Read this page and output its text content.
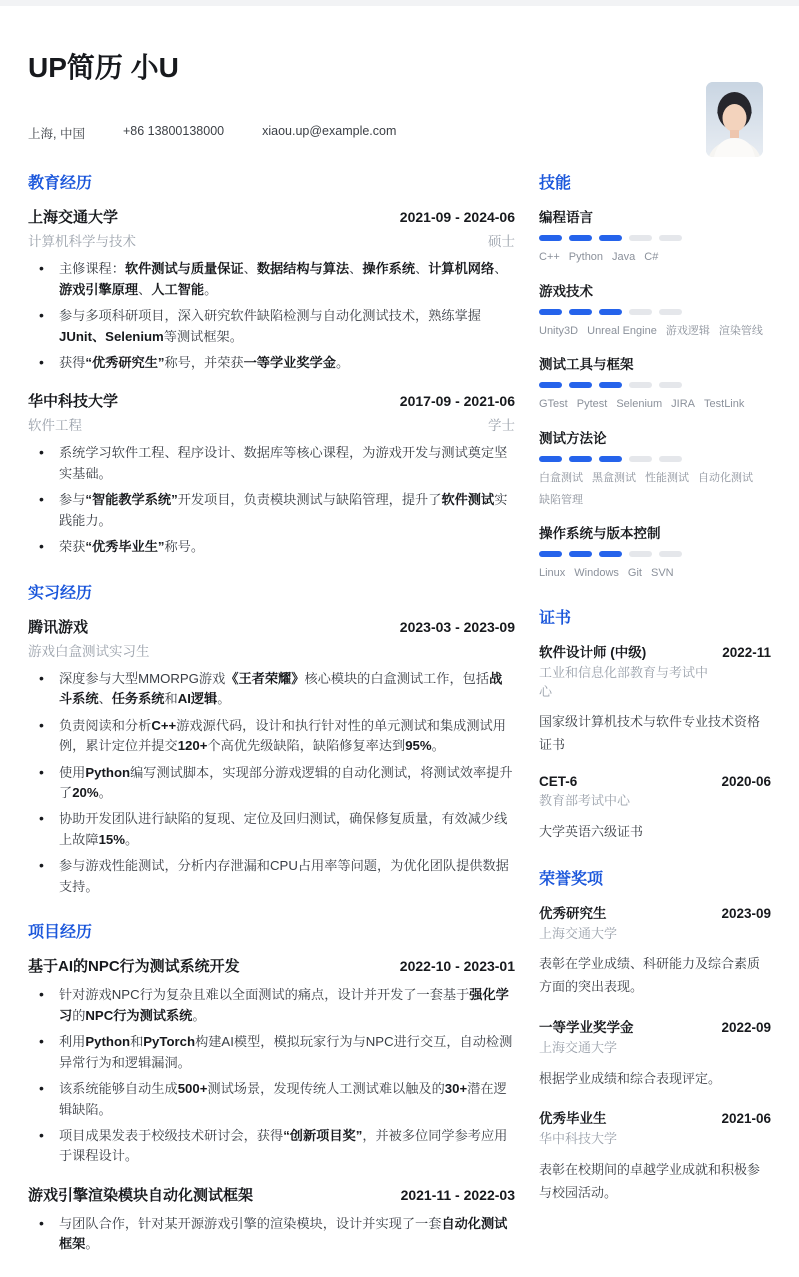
UP简历 小U
上海, 中国	+86 13800138000	xiaou.up@example.com
教育经历
上海交通大学	2021-09 - 2024-06
计算机科学与技术	硕士
• 主修课程：软件测试与质量保证、数据结构与算法、操作系统、计算机网络、游戏引擎原理、人工智能。
• 参与多项科研项目，深入研究软件缺陷检测与自动化测试技术，熟练掌握JUnit、Selenium等测试框架。
• 获得“优秀研究生”称号，并荣获一等学业奖学金。
华中科技大学	2017-09 - 2021-06
软件工程	学士
• 系统学习软件工程、程序设计、数据库等核心课程，为游戏开发与测试奠定坚实基础。
• 参与“智能教学系统”开发项目，负责模块测试与缺陷管理，提升了软件测试实践能力。
• 荣获“优秀毕业生”称号。
实习经历
腾讯游戏	2023-03 - 2023-09
游戏白盒测试实习生
• 深度参与大型MMORPG游戏《王者荣耀》核心模块的白盒测试工作，包括战斗系统、任务系统和AI逻辑。
• 负责阅读和分析C++游戏源代码，设计和执行针对性的单元测试和集成测试用例，累计定位并提交120+个高优先级缺陷，缺陷修复率达到95%。
• 使用Python编写测试脚本，实现部分游戏逻辑的自动化测试，将测试效率提升了20%。
• 协助开发团队进行缺陷的复现、定位及回归测试，确保修复质量，有效减少线上故障15%。
• 参与游戏性能测试，分析内存泄漏和CPU占用率等问题，为优化团队提供数据支持。
项目经历
基于AI的NPC行为测试系统开发	2022-10 - 2023-01
• 针对游戏NPC行为复杂且难以全面测试的痛点，设计并开发了一套基于强化学习的NPC行为测试系统。
• 利用Python和PyTorch构建AI模型，模拟玩家行为与NPC进行交互，自动检测异常行为和逻辑漏洞。
• 该系统能够自动生成500+测试场景，发现传统人工测试难以触及的30+潜在逻辑缺陷。
• 项目成果发表于校级技术研讨会，获得“创新项目奖”，并被多位同学参考应用于课程设计。
游戏引擎渲染模块自动化测试框架	2021-11 - 2022-03
• 与团队合作，针对某开源游戏引擎的渲染模块，设计并实现了一套自动化测试框架。
技能
编程语言
C++ Python Java C#
游戏技术
Unity3D Unreal Engine 游戏逻辑 渲染管线
测试工具与框架
GTest Pytest Selenium JIRA TestLink
测试方法论
白盒测试 黑盒测试 性能测试 自动化测试
缺陷管理
操作系统与版本控制
Linux Windows Git SVN
证书
软件设计师 (中级)
工业和信息化部教育与考试中心
2022-11
国家级计算机技术与软件专业技术资格证书
CET-6
教育部考试中心
2020-06
大学英语六级证书
荣誉奖项
优秀研究生
上海交通大学
2023-09
表彰在学业成绩、科研能力及综合素质方面的突出表现。
一等学业奖学金
上海交通大学
2022-09
根据学业成绩和综合表现评定。
优秀毕业生
华中科技大学
2021-06
表彰在校期间的卓越学业成就和积极参与校园活动。
